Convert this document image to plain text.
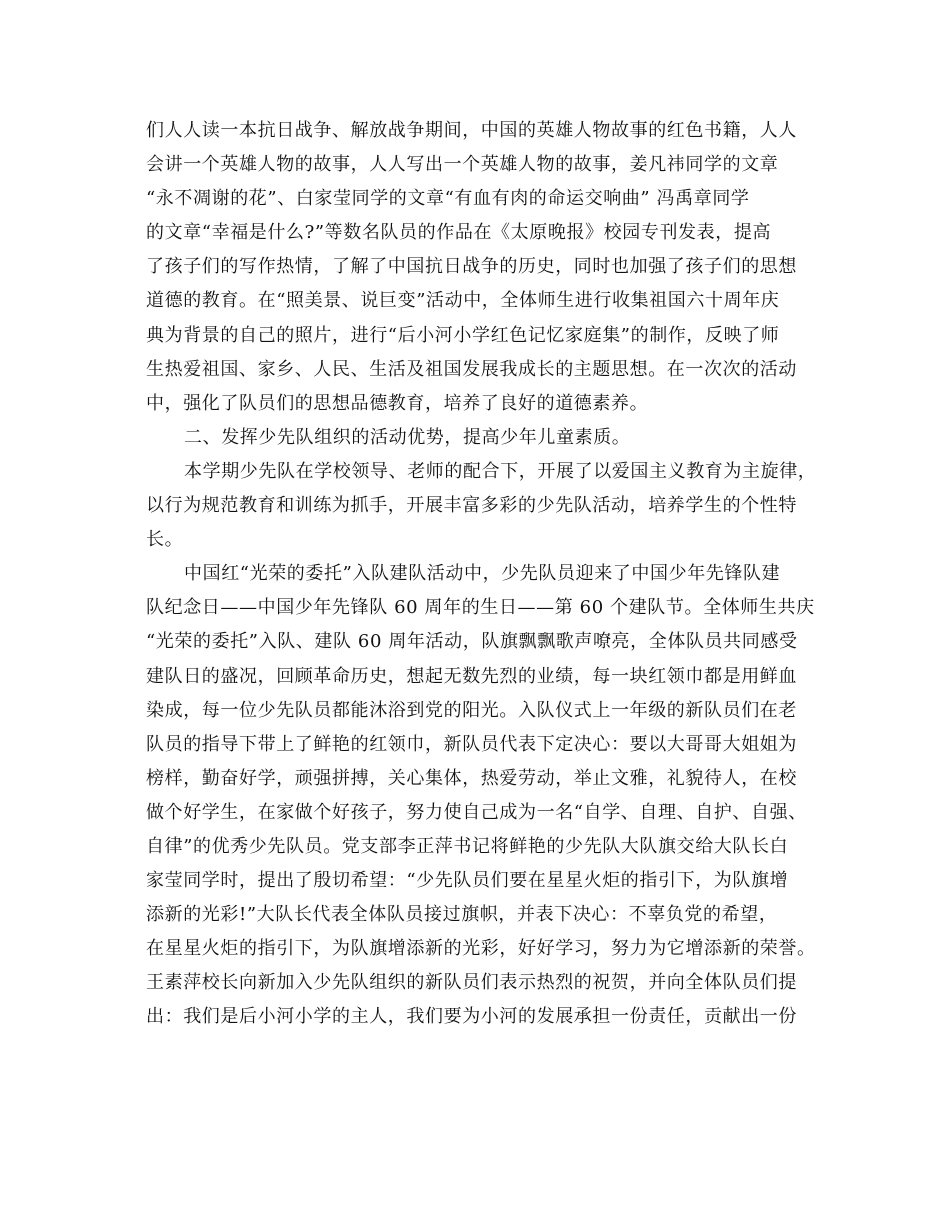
们人人读一本抗日战争、解放战争期间，中国的英雄人物故事的红色书籍，人人
会讲一个英雄人物的故事，人人写出一个英雄人物的故事，姜凡祎同学的文章
“永不凋谢的花”、白家莹同学的文章“有血有肉的命运交响曲” 冯禹章同学
的文章“幸福是什么?”等数名队员的作品在《太原晚报》校园专刊发表，提高
了孩子们的写作热情，了解了中国抗日战争的历史，同时也加强了孩子们的思想
道德的教育。在“照美景、说巨变”活动中，全体师生进行收集祖国六十周年庆
典为背景的自己的照片，进行“后小河小学红色记忆家庭集”的制作，反映了师
生热爱祖国、家乡、人民、生活及祖国发展我成长的主题思想。在一次次的活动
中，强化了队员们的思想品德教育，培养了良好的道德素养。
二、发挥少先队组织的活动优势，提高少年儿童素质。
本学期少先队在学校领导、老师的配合下，开展了以爱国主义教育为主旋律，
以行为规范教育和训练为抓手，开展丰富多彩的少先队活动，培养学生的个性特
长。
中国红“光荣的委托”入队建队活动中，少先队员迎来了中国少年先锋队建
队纪念日——中国少年先锋队 60 周年的生日——第 60 个建队节。全体师生共庆
“光荣的委托”入队、建队 60 周年活动，队旗飘飘歌声嘹亮，全体队员共同感受
建队日的盛况，回顾革命历史，想起无数先烈的业绩，每一块红领巾都是用鲜血
染成，每一位少先队员都能沐浴到党的阳光。入队仪式上一年级的新队员们在老
队员的指导下带上了鲜艳的红领巾，新队员代表下定决心：要以大哥哥大姐姐为
榜样，勤奋好学，顽强拼搏，关心集体，热爱劳动，举止文雅，礼貌待人，在校
做个好学生，在家做个好孩子，努力使自己成为一名“自学、自理、自护、自强、
自律”的优秀少先队员。党支部李正萍书记将鲜艳的少先队大队旗交给大队长白
家莹同学时，提出了殷切希望：“少先队员们要在星星火炬的指引下，为队旗增
添新的光彩!”大队长代表全体队员接过旗帜，并表下决心：不辜负党的希望，
在星星火炬的指引下，为队旗增添新的光彩，好好学习，努力为它增添新的荣誉。
王素萍校长向新加入少先队组织的新队员们表示热烈的祝贺，并向全体队员们提
出：我们是后小河小学的主人，我们要为小河的发展承担一份责任，贡献出一份
